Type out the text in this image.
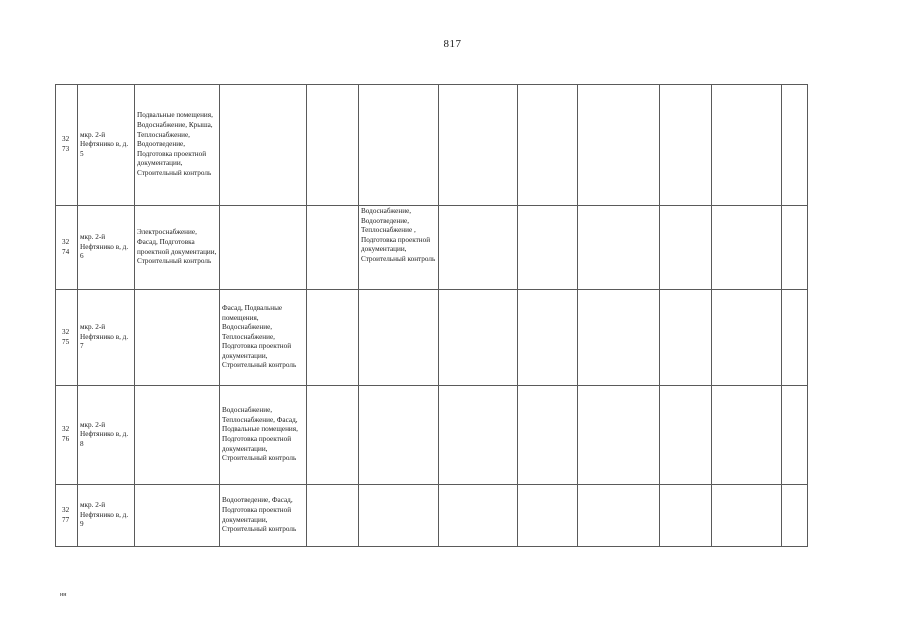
817
32
73	мкр. 2-й Нефтянико в, д. 5	Подвальные помещения, Водоснабжение, Крыша, Теплоснабжение, Водоотведение, Подготовка проектной документации, Строительный контроль									

32
74	мкр. 2-й Нефтянико в, д. 6	Электроснабжение, Фасад, Подготовка проектной документации, Строительный контроль			Водоснабжение, Водоотведение, Теплоснабжение , Подготовка проектной документации, Строительный контроль						

32
75	мкр. 2-й Нефтянико в, д. 7		Фасад, Подвальные помещения, Водоснабжение, Теплоснабжение, Подготовка проектной документации, Строительный контроль								

32
76	мкр. 2-й Нефтянико в, д. 8		Водоснабжение, Теплоснабжение, Фасад, Подвальные помещения, Подготовка проектной документации, Строительный контроль								

32
77	мкр. 2-й Нефтянико в, д. 9		Водоотведение, Фасад, Подготовка проектной документации, Строительный контроль								

нн
